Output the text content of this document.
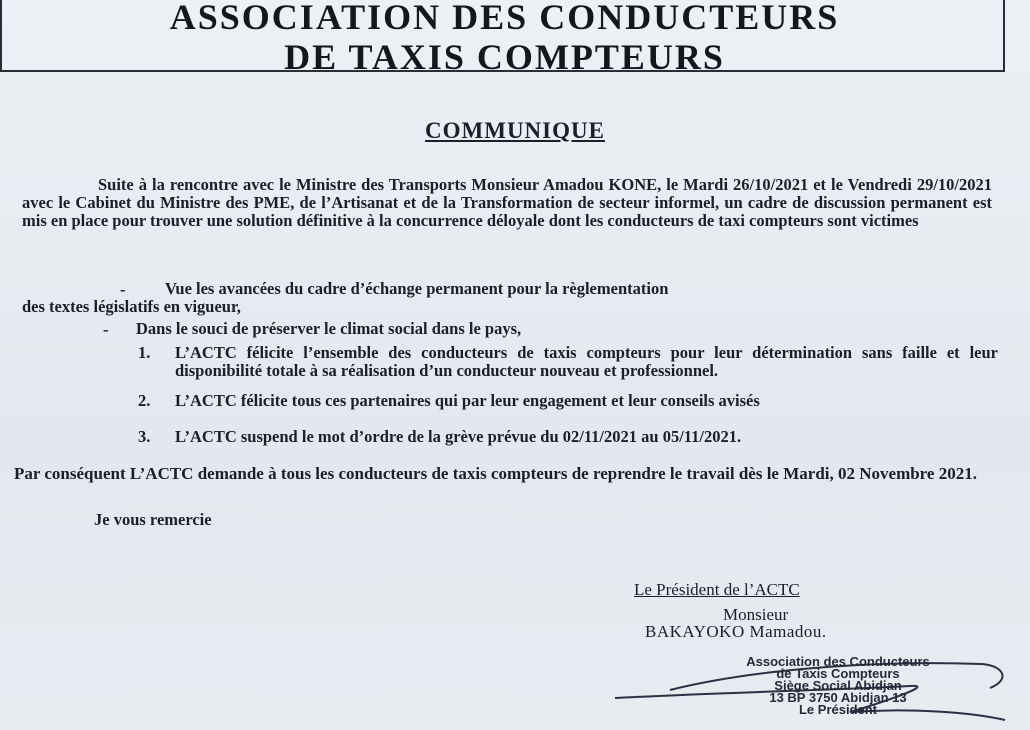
ASSOCIATION DES CONDUCTEURS
DE TAXIS COMPTEURS
COMMUNIQUE
Suite à la rencontre avec le Ministre des Transports Monsieur Amadou KONE, le Mardi 26/10/2021 et le Vendredi 29/10/2021 avec le Cabinet du Ministre des PME, de l’Artisanat et de la Transformation de secteur informel, un cadre de discussion permanent est mis en place pour trouver une solution définitive à la concurrence déloyale dont les conducteurs de taxi compteurs sont victimes
- Vue les avancées du cadre d’échange permanent pour la règlementation
des textes législatifs en vigueur,
- Dans le souci de préserver le climat social dans le pays,
1.	L’ACTC félicite l’ensemble des conducteurs de taxis compteurs pour leur détermination sans faille et leur disponibilité totale à sa réalisation d’un conducteur nouveau et professionnel.
2.	L’ACTC félicite tous ces partenaires qui par leur engagement et leur conseils avisés
3.	L’ACTC suspend le mot d’ordre de la grève prévue du 02/11/2021 au 05/11/2021.
Par conséquent L’ACTC demande à tous les conducteurs de taxis compteurs de reprendre le travail dès le Mardi, 02 Novembre 2021.
Je vous remercie
Le Président de l’ACTC
Monsieur
BAKAYOKO Mamadou.
Association des Conducteurs
de Taxis Compteurs
Siège Social Abidjan
13 BP 3750 Abidjan 13
Le Président
